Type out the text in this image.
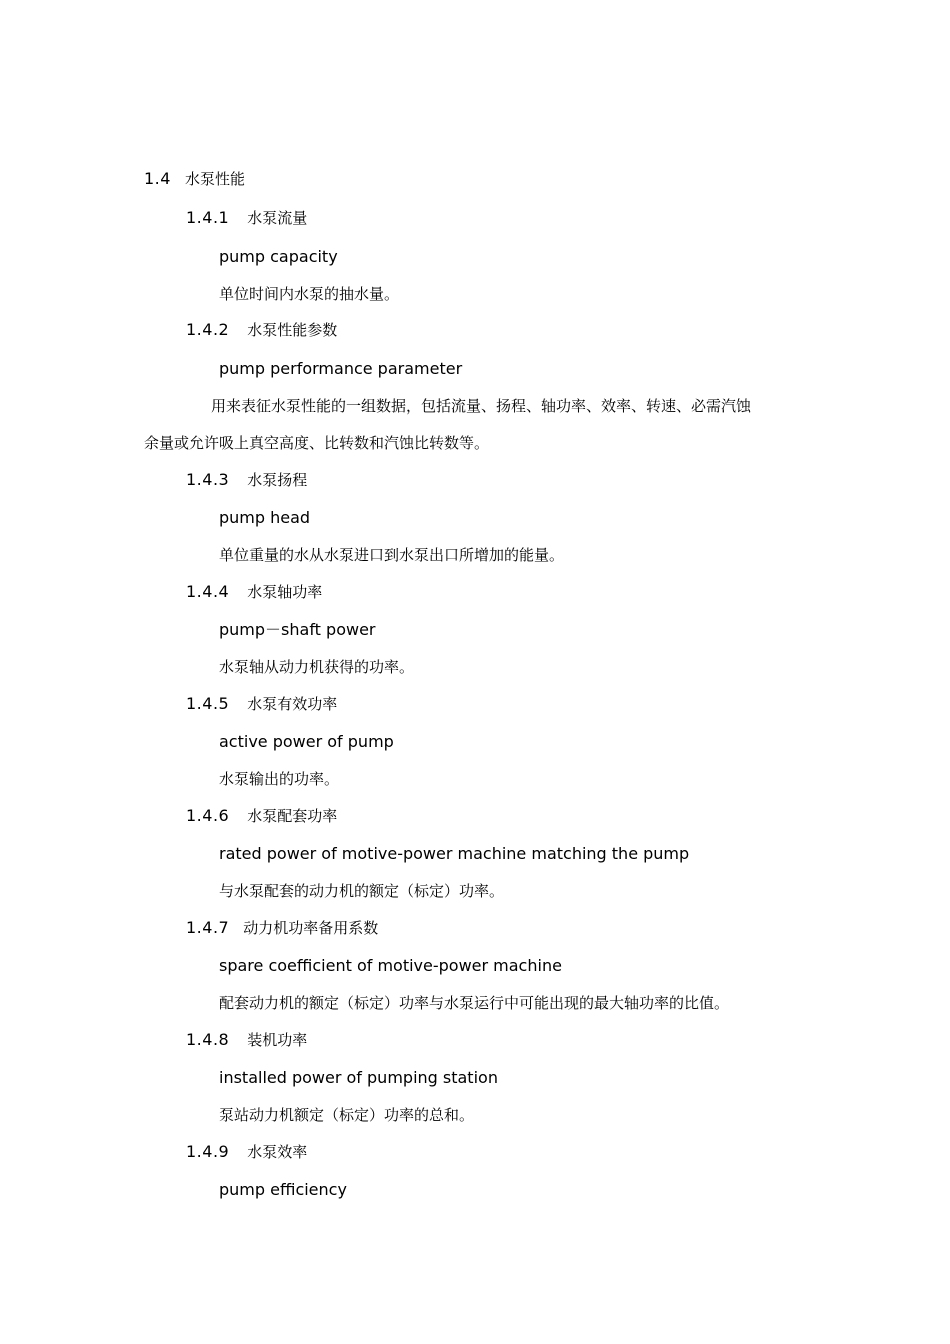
1.4 水泵性能
1.4.1 水泵流量
pump capacity
单位时间内水泵的抽水量。
1.4.2 水泵性能参数
pump performance parameter
用来表征水泵性能的一组数据，包括流量、扬程、轴功率、效率、转速、必需汽蚀
余量或允许吸上真空高度、比转数和汽蚀比转数等。
1.4.3 水泵扬程
pump head
单位重量的水从水泵进口到水泵出口所增加的能量。
1.4.4 水泵轴功率
pump－shaft power
水泵轴从动力机获得的功率。
1.4.5 水泵有效功率
active power of pump
水泵输出的功率。
1.4.6 水泵配套功率
rated power of motive-power machine matching the pump
与水泵配套的动力机的额定（标定）功率。
1.4.7 动力机功率备用系数
spare coefficient of motive-power machine
配套动力机的额定（标定）功率与水泵运行中可能出现的最大轴功率的比值。
1.4.8 装机功率
installed power of pumping station
泵站动力机额定（标定）功率的总和。
1.4.9 水泵效率
pump efficiency
